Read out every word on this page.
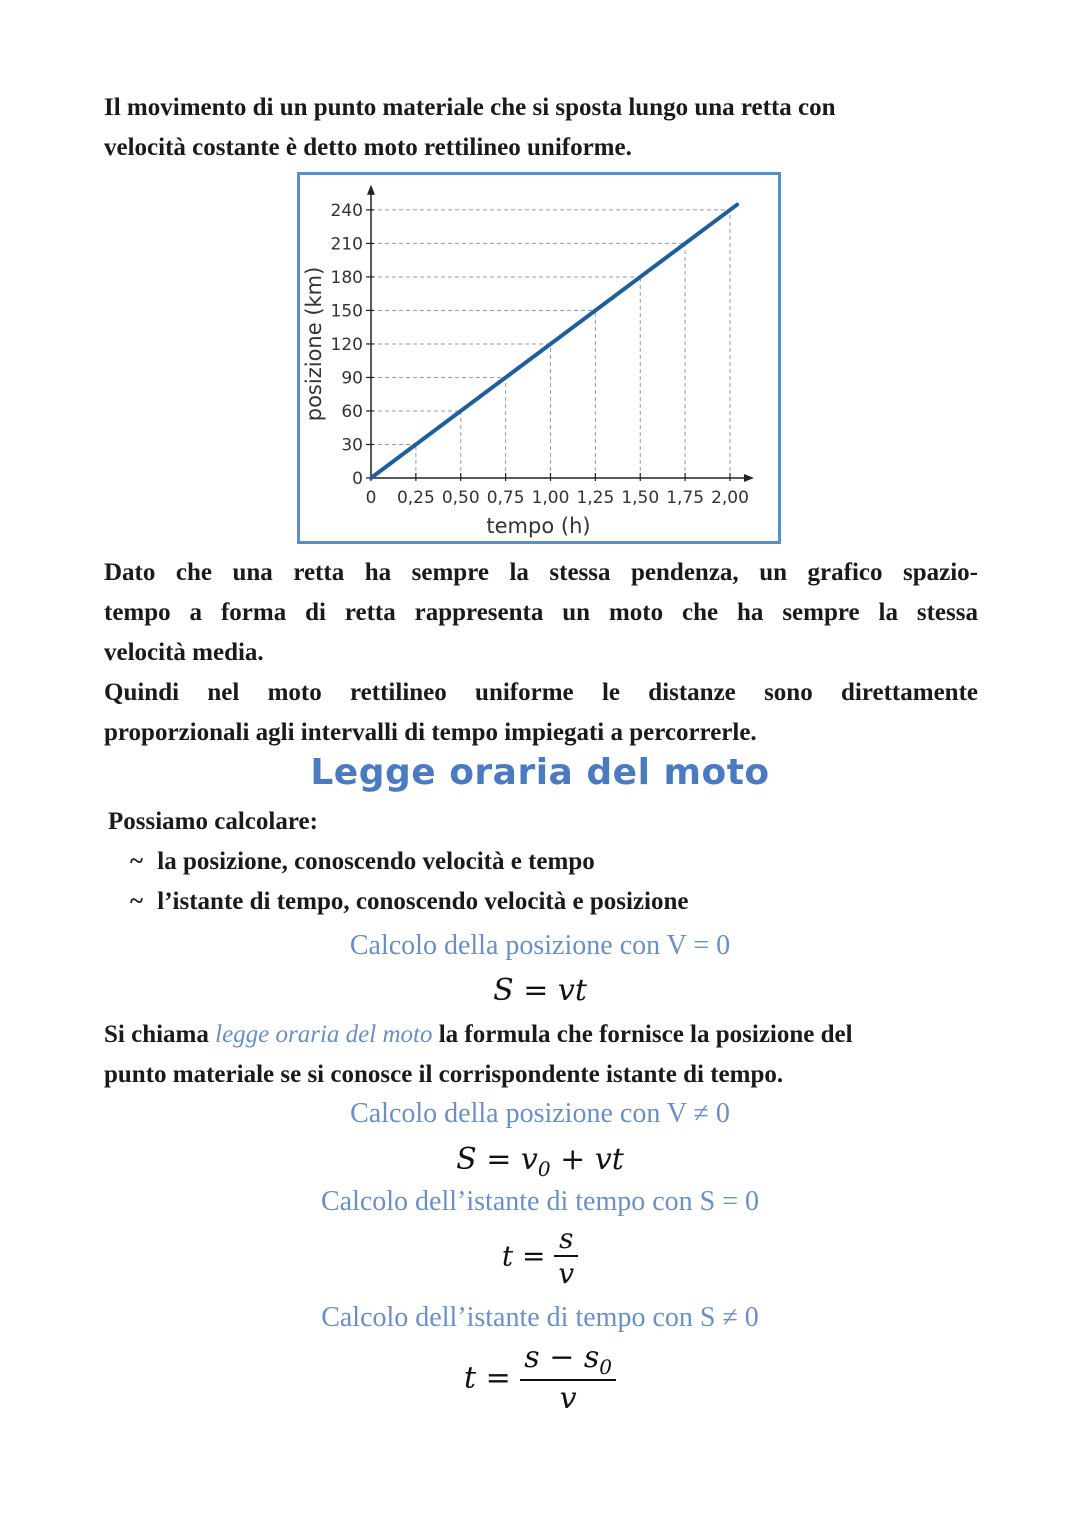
Il movimento di un punto materiale che si sposta lungo una retta con
velocità costante è detto moto rettilineo uniforme.
0 0,25 0,50 0,75 1,00 1,25 1,50 1,75 2,00
0
30
60
90
120
150
180
210
240
tempo (h)
posizione (km)
Dato che una retta ha sempre la stessa pendenza, un grafico spazio-
tempo a forma di retta rappresenta un moto che ha sempre la stessa
velocità media.
Quindi nel moto rettilineo uniforme le distanze sono direttamente
proporzionali agli intervalli di tempo impiegati a percorrerle.
Legge oraria del moto
Possiamo calcolare:
~ la posizione, conoscendo velocità e tempo
~ l’istante di tempo, conoscendo velocità e posizione
Calcolo della posizione con V = 0
S = vt
Si chiama legge oraria del moto la formula che fornisce la posizione del
punto materiale se si conosce il corrispondente istante di tempo.
Calcolo della posizione con V ≠ 0
$S = v_0$ + vt
Calcolo dell’istante di tempo con S = 0
$t = \frac{s}{v}$
Calcolo dell’istante di tempo con S ≠ 0
$t = \frac{s - s_0}{v}$
